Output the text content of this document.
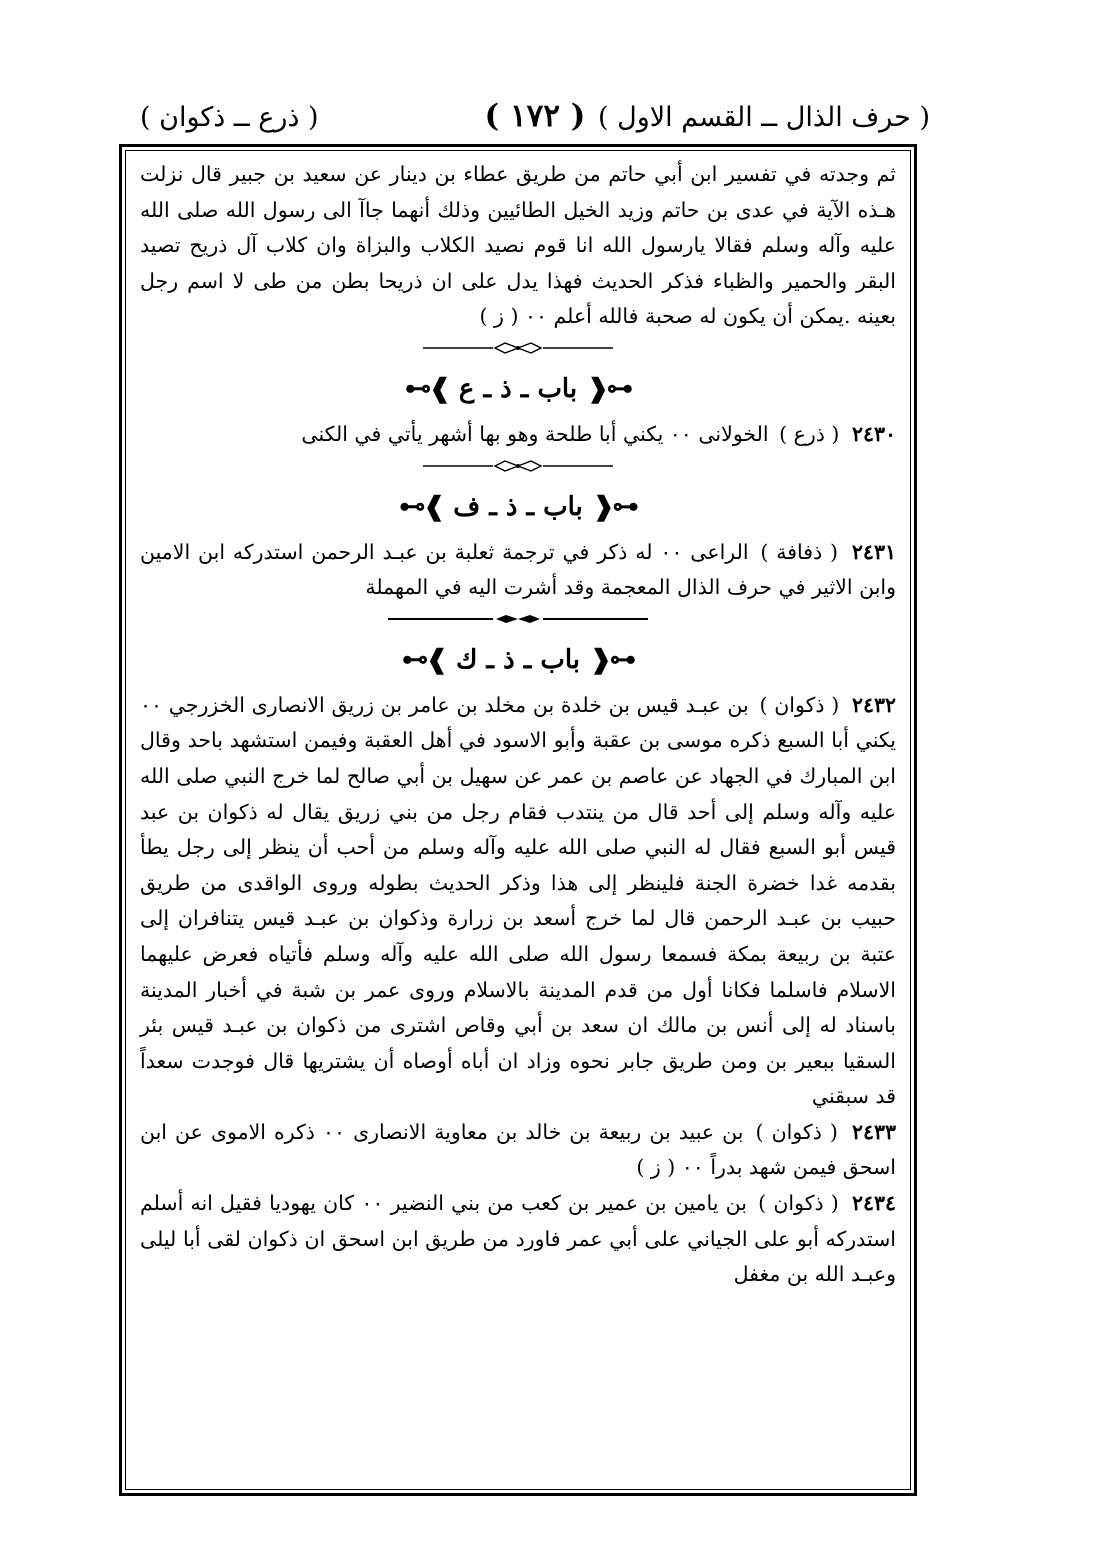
( حرف الذال ــ القسم الاول )
( ١٧٢ )
( ذرع ــ ذكوان )

ثم وجدته في تفسير ابن أبي حاتم من طريق عطاء بن دينار عن سعيد بن جبير قال نزلت هـذه الآية في عدى بن حاتم وزيد الخيل الطائيين وذلك أنهما جاآ الى رسول الله صلى الله عليه وآله وسلم فقالا يارسول الله انا قوم نصيد الكلاب والبزاة وان كلاب آل ذريح تصيد البقر والحمير والظباء فذكر الحديث فهذا يدل على ان ذريحا بطن من طى لا اسم رجل بعينه .يمكن أن يكون له صحبة فالله أعلم ٠٠ ( ز )

⊷❰باب ـ ذ ـ ع❱⊶

٢٤٣٠ ( ذرع ) الخولانى ٠٠ يكني أبا طلحة وهو بها أشهر يأتي في الكنى

⊷❰باب ـ ذ ـ ف❱⊶

٢٤٣١ ( ذفافة ) الراعى ٠٠ له ذكر في ترجمة ثعلبة بن عبـد الرحمن استدركه ابن الامين وابن الاثير في حرف الذال المعجمة وقد أشرت اليه في المهملة

⊷❰باب ـ ذ ـ ك❱⊶

٢٤٣٢ ( ذكوان ) بن عبـد قيس بن خلدة بن مخلد بن عامر بن زريق الانصارى الخزرجي ٠٠ يكني أبا السبع ذكره موسى بن عقبة وأبو الاسود في أهل العقبة وفيمن استشهد باحد وقال ابن المبارك في الجهاد عن عاصم بن عمر عن سهيل بن أبي صالح لما خرج النبي صلى الله عليه وآله وسلم إلى أحد قال من ينتدب فقام رجل من بني زريق يقال له ذكوان بن عبد قيس أبو السبع فقال له النبي صلى الله عليه وآله وسلم من أحب أن ينظر إلى رجل يطأ بقدمه غدا خضرة الجنة فلينظر إلى هذا وذكر الحديث بطوله وروى الواقدى من طريق حبيب بن عبـد الرحمن قال لما خرج أسعد بن زرارة وذكوان بن عبـد قيس يتنافران إلى عتبة بن ربيعة بمكة فسمعا رسول الله صلى الله عليه وآله وسلم فأتياه فعرض عليهما الاسلام فاسلما فكانا أول من قدم المدينة بالاسلام وروى عمر بن شبة في أخبار المدينة باسناد له إلى أنس بن مالك ان سعد بن أبي وقاص اشترى من ذكوان بن عبـد قيس بئر السقيا ببعير بن ومن طريق جابر نحوه وزاد ان أباه أوصاه أن يشتريها قال فوجدت سعداً قد سبقني

٢٤٣٣ ( ذكوان ) بن عبيد بن ربيعة بن خالد بن معاوية الانصارى ٠٠ ذكره الاموى عن ابن اسحق فيمن شهد بدراً ٠٠ ( ز )

٢٤٣٤ ( ذكوان ) بن يامين بن عمير بن كعب من بني النضير ٠٠ كان يهوديا فقيل انه أسلم استدركه أبو على الجياني على أبي عمر فاورد من طريق ابن اسحق ان ذكوان لقى أبا ليلى وعبـد الله بن مغفل
